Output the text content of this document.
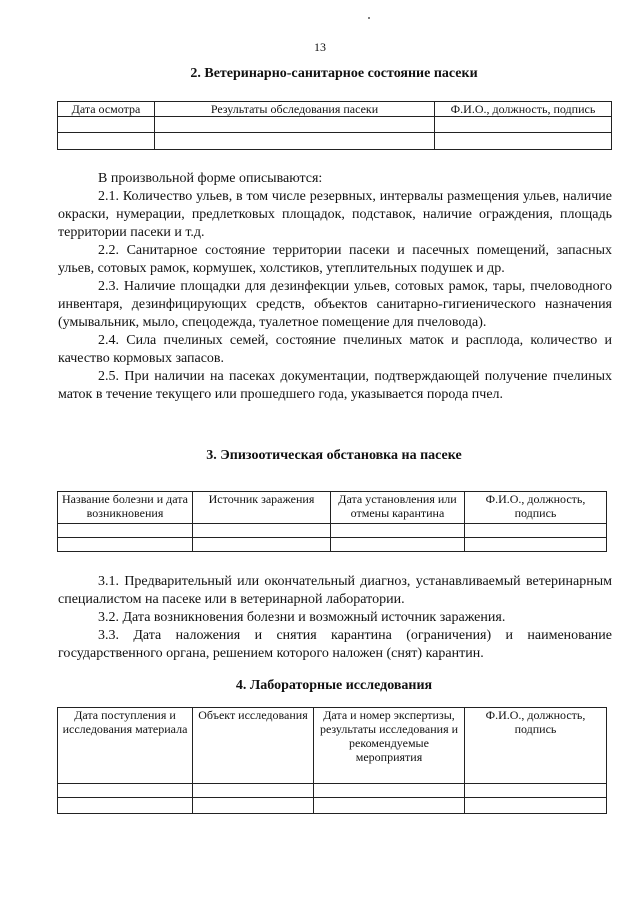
13
2. Ветеринарно-санитарное состояние пасеки
Дата осмотра	Результаты обследования пасеки	Ф.И.О., должность, подпись

В произвольной форме описываются:

2.1. Количество ульев, в том числе резервных, интервалы размещения ульев, наличие окраски, нумерации, предлетковых площадок, подставок, наличие ограждения, площадь территории пасеки и т.д.

2.2. Санитарное состояние территории пасеки и пасечных помещений, запасных ульев, сотовых рамок, кормушек, холстиков, утеплительных подушек и др.

2.3. Наличие площадки для дезинфекции ульев, сотовых рамок, тары, пчеловодного инвентаря, дезинфицирующих средств, объектов санитарно-гигиенического назначения (умывальник, мыло, спецодежда, туалетное помещение для пчеловода).

2.4. Сила пчелиных семей, состояние пчелиных маток и расплода, количество и качество кормовых запасов.

2.5. При наличии на пасеках документации, подтверждающей получение пчелиных маток в течение текущего или прошедшего года, указывается порода пчел.

3. Эпизоотическая обстановка на пасеке
Название болезни и дата возникновения	Источник заражения	Дата установления или отмены карантина	Ф.И.О., должность, подпись

3.1. Предварительный или окончательный диагноз, устанавливаемый ветеринарным специалистом на пасеке или в ветеринарной лаборатории.

3.2. Дата возникновения болезни и возможный источник заражения.

3.3. Дата наложения и снятия карантина (ограничения) и наименование государственного органа, решением которого наложен (снят) карантин.

4. Лабораторные исследования
Дата поступления и исследования материала	Объект исследования	Дата и номер экспертизы, результаты исследования и рекомендуемые мероприятия	Ф.И.О., должность, подпись
